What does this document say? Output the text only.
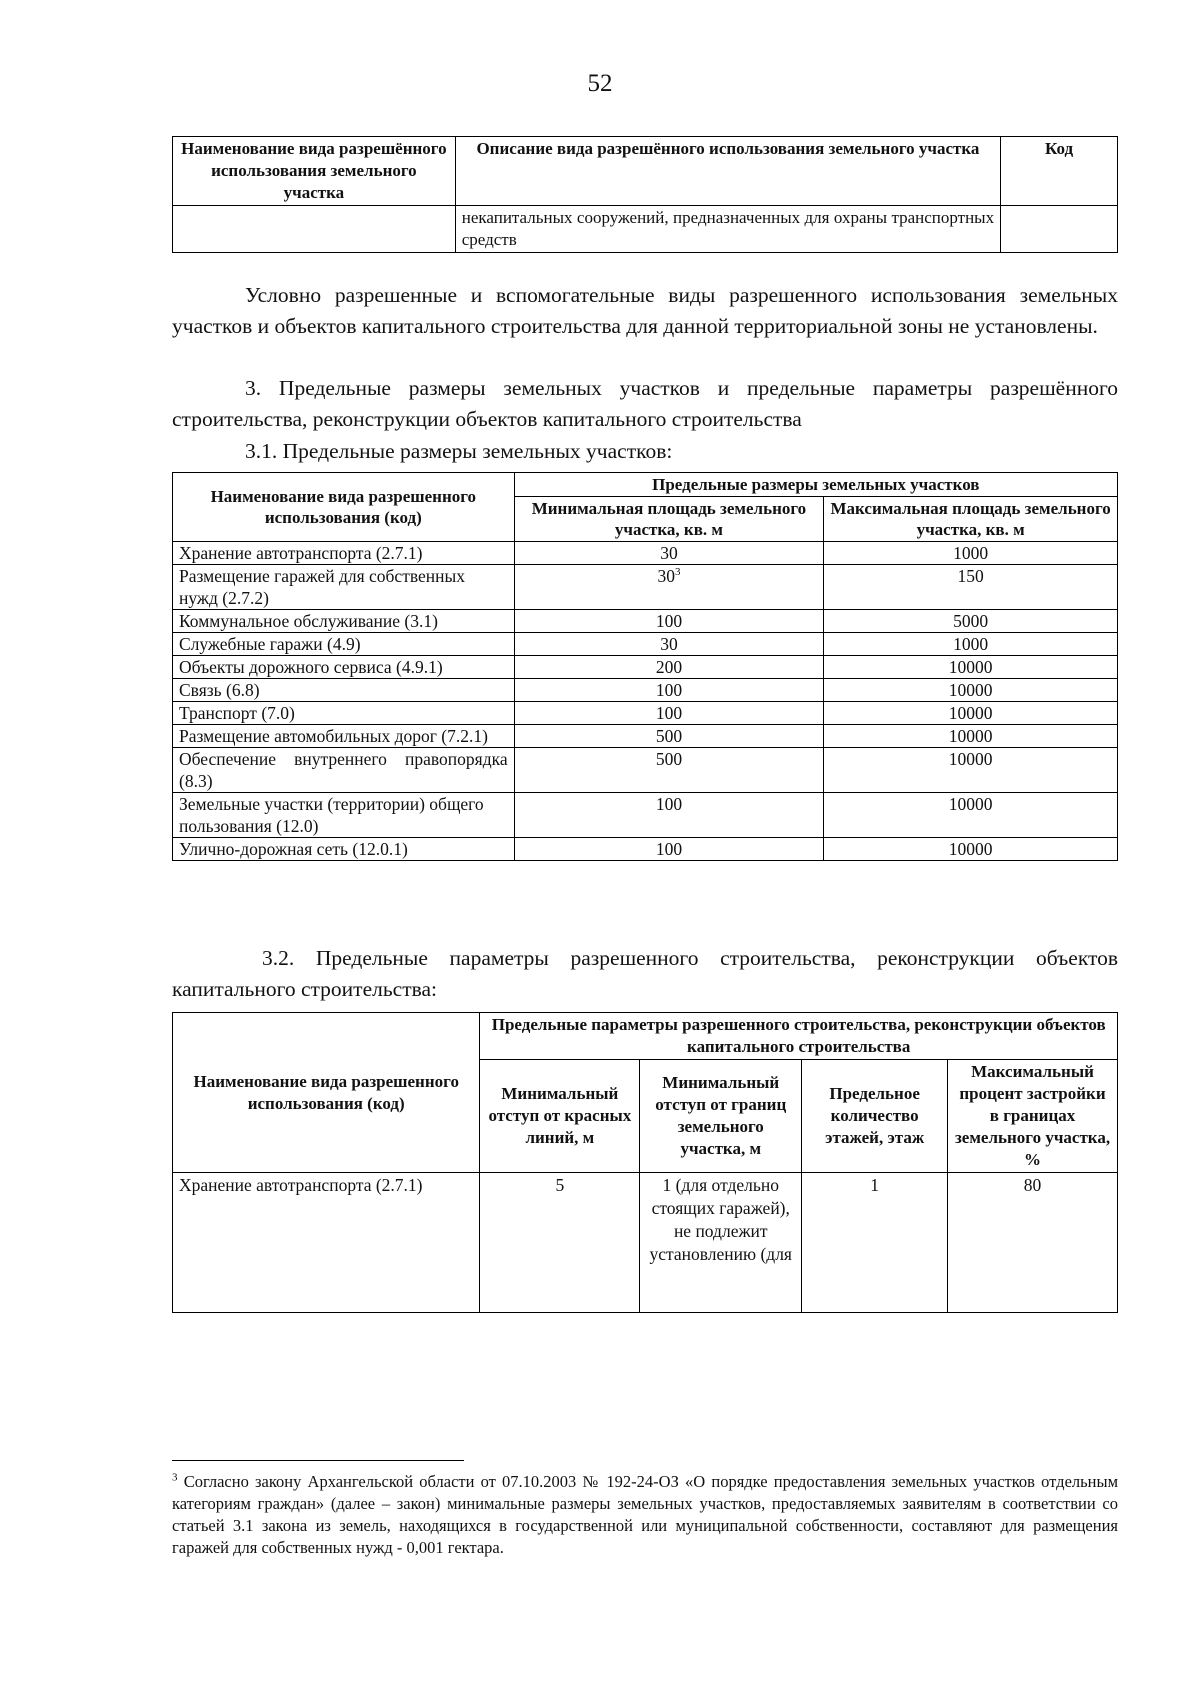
52
Наименование вида разрешённого использования земельного участка	Описание вида разрешённого использования земельного участка	Код
	некапитальных сооружений, предназначенных для охраны транспортных средств	
Условно разрешенные и вспомогательные виды разрешенного использования земельных участков и объектов капитального строительства для данной территориальной зоны не установлены.
3. Предельные размеры земельных участков и предельные параметры разрешённого строительства, реконструкции объектов капитального строительства
3.1. Предельные размеры земельных участков:
Наименование вида разрешенного использования (код)	Предельные размеры земельных участков	
	Минимальная площадь земельного участка, кв. м	Максимальная площадь земельного участка, кв. м
Хранение автотранспорта (2.7.1)	30	1000
Размещение гаражей для собственных нужд (2.7.2)	$30^3$	150
Коммунальное обслуживание (3.1)	100	5000
Служебные гаражи (4.9)	30	1000
Объекты дорожного сервиса (4.9.1)	200	10000
Связь (6.8)	100	10000
Транспорт (7.0)	100	10000
Размещение автомобильных дорог (7.2.1)	500	10000
Обеспечение внутреннего правопорядка (8.3)	500	10000
Земельные участки (территории) общего пользования (12.0)	100	10000
Улично-дорожная сеть (12.0.1)	100	10000
3.2. Предельные параметры разрешенного строительства, реконструкции объектов капитального строительства:
Наименование вида разрешенного использования (код)	Предельные параметры разрешенного строительства, реконструкции объектов капитального строительства			
	Минимальный отступ от красных линий, м	Минимальный отступ от границ земельного участка, м	Предельное количество этажей, этаж	Максимальный процент застройки в границах земельного участка, %
Хранение автотранспорта (2.7.1)	5	1 (для отдельно стоящих гаражей), не подлежит установлению (для	1	80
$^3$ Согласно закону Архангельской области от 07.10.2003 № 192-24-ОЗ «О порядке предоставления земельных участков отдельным категориям граждан» (далее – закон) минимальные размеры земельных участков, предоставляемых заявителям в соответствии со статьей 3.1 закона из земель, находящихся в государственной или муниципальной собственности, составляют для размещения гаражей для собственных нужд - 0,001 гектара.
